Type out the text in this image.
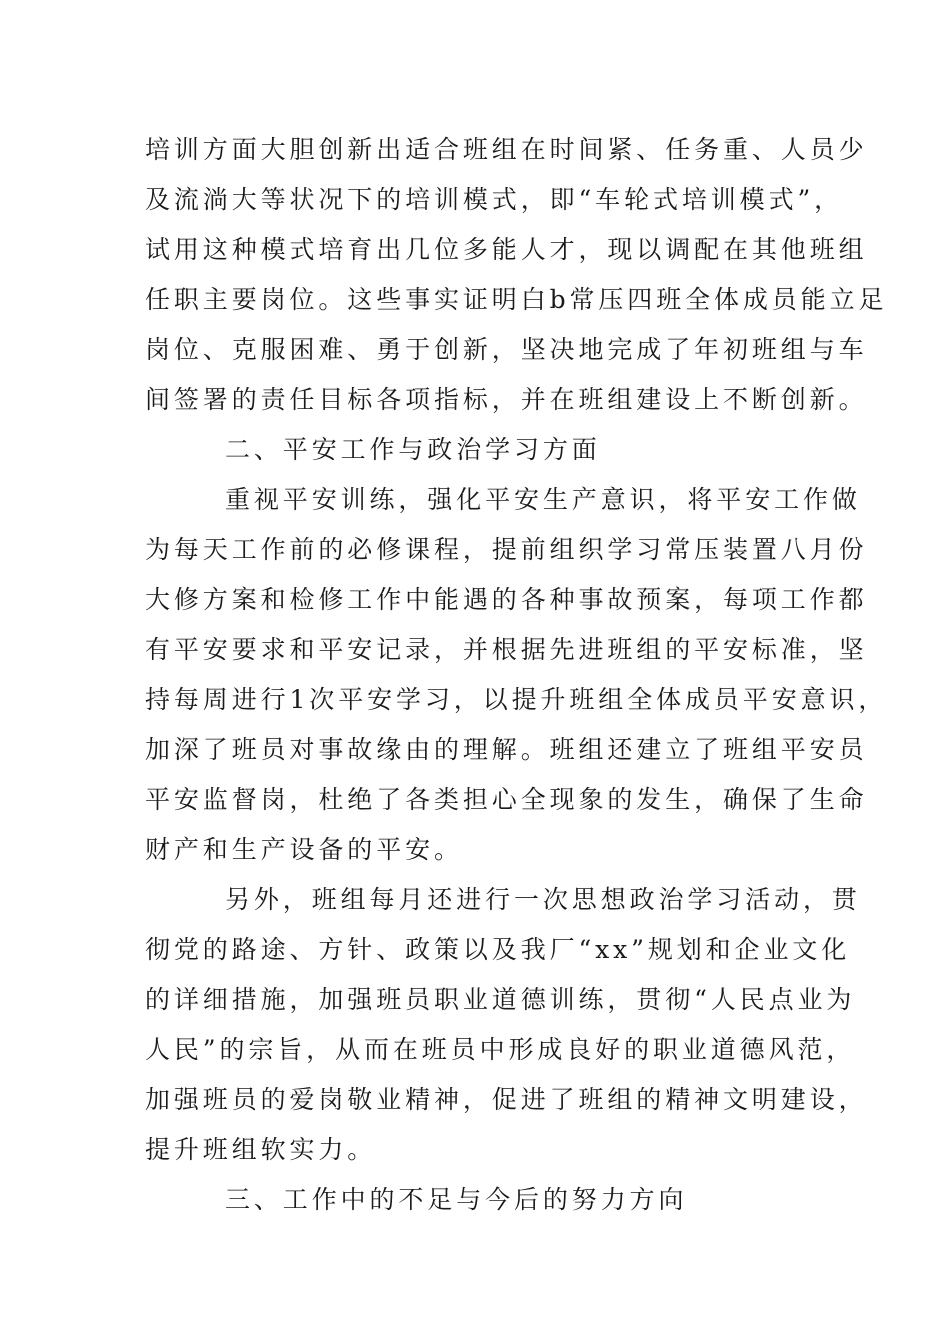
培训方面大胆创新出适合班组在时间紧、任务重、人员少
及流淌大等状况下的培训模式，即“车轮式培训模式”，
试用这种模式培育出几位多能人才，现以调配在其他班组
任职主要岗位。这些事实证明白b常压四班全体成员能立足
岗位、克服困难、勇于创新，坚决地完成了年初班组与车
间签署的责任目标各项指标，并在班组建设上不断创新。
二、平安工作与政治学习方面
重视平安训练，强化平安生产意识，将平安工作做
为每天工作前的必修课程，提前组织学习常压装置八月份
大修方案和检修工作中能遇的各种事故预案，每项工作都
有平安要求和平安记录，并根据先进班组的平安标准，坚
持每周进行1次平安学习，以提升班组全体成员平安意识，
加深了班员对事故缘由的理解。班组还建立了班组平安员
平安监督岗，杜绝了各类担心全现象的发生，确保了生命
财产和生产设备的平安。
另外，班组每月还进行一次思想政治学习活动，贯
彻党的路途、方针、政策以及我厂“xx”规划和企业文化
的详细措施，加强班员职业道德训练，贯彻“人民点业为
人民”的宗旨，从而在班员中形成良好的职业道德风范，
加强班员的爱岗敬业精神，促进了班组的精神文明建设，
提升班组软实力。
三、工作中的不足与今后的努力方向
